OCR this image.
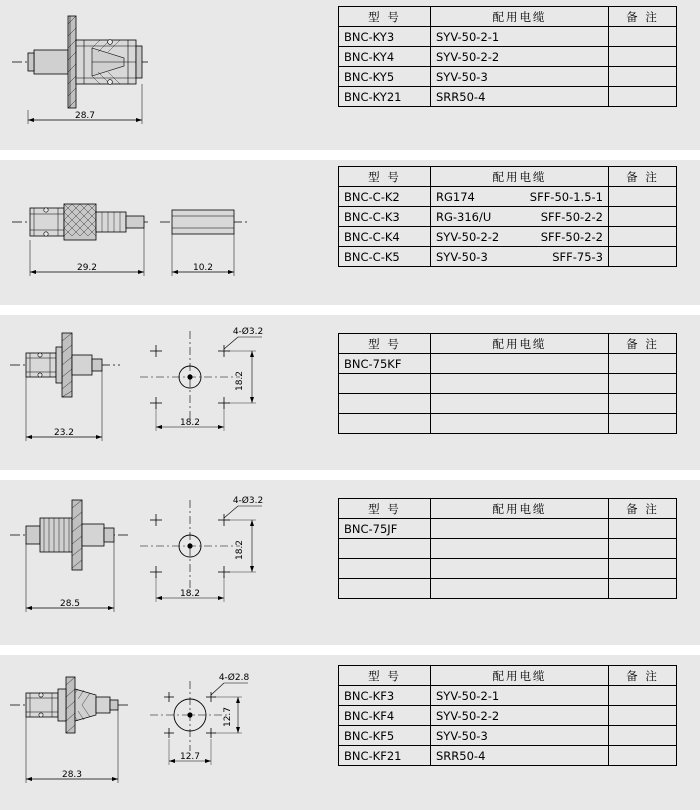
28.7
型 号	配用电缆	备 注
BNC-KY3	SYV-50-2-1	
BNC-KY4	SYV-50-2-2	
BNC-KY5	SYV-50-3	
BNC-KY21	SRR50-4	
29.2	10.2
型 号	配用电缆	备 注
BNC-C-K2	RG174 SFF-50-1.5-1	

BNC-C-K3	RG-316/U SFF-50-2-2	

BNC-C-K4	SYV-50-2-2 SFF-50-2-2	

BNC-C-K5	SYV-50-3 SFF-75-3	

23.2
4-Ø3.2
18.2
18.2
型 号	配用电缆	备 注
BNC-75KF		

28.5
4-Ø3.2
18.2
18.2
型 号	配用电缆	备 注
BNC-75JF		

28.3
4-Ø2.8
12.7
12.7
型 号	配用电缆	备 注
BNC-KF3	SYV-50-2-1	
BNC-KF4	SYV-50-2-2	
BNC-KF5	SYV-50-3	
BNC-KF21	SRR50-4	
